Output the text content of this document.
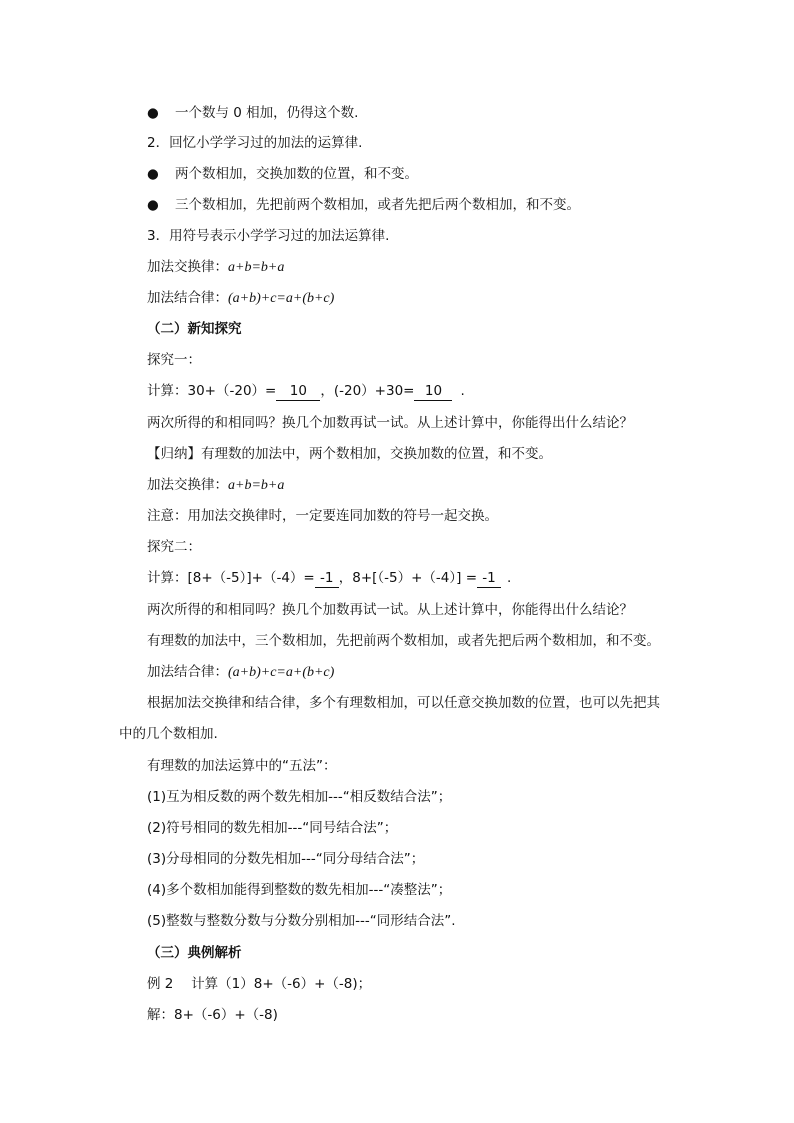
● 一个数与 0 相加，仍得这个数.
2．回忆小学学习过的加法的运算律.
● 两个数相加，交换加数的位置，和不变。
● 三个数相加，先把前两个数相加，或者先把后两个数相加，和不变。
3．用符号表示小学学习过的加法运算律.
加法交换律：a+b=b+a
加法结合律：(a+b)+c=a+(b+c)
（二）新知探究
探究一：
计算：30+（-20）= 10 ，(-20）+30= 10 .
两次所得的和相同吗？换几个加数再试一试。从上述计算中，你能得出什么结论？
【归纳】有理数的加法中，两个数相加，交换加数的位置，和不变。
加法交换律：a+b=b+a
注意：用加法交换律时，一定要连同加数的符号一起交换。
探究二：
计算：[8+（-5）]+（-4）= -1 ，8+[（-5）+（-4）] = -1 .
两次所得的和相同吗？换几个加数再试一试。从上述计算中，你能得出什么结论？
有理数的加法中，三个数相加，先把前两个数相加，或者先把后两个数相加，和不变。
加法结合律：(a+b)+c=a+(b+c)
根据加法交换律和结合律，多个有理数相加，可以任意交换加数的位置，也可以先把其
中的几个数相加.
有理数的加法运算中的“五法”：
(1)互为相反数的两个数先相加---“相反数结合法”；
(2)符号相同的数先相加---“同号结合法”；
(3)分母相同的分数先相加---“同分母结合法”；
(4)多个数相加能得到整数的数先相加---“凑整法”；
(5)整数与整数分数与分数分别相加---“同形结合法”.
（三）典例解析
例 2　 计算（1）8+（-6）+（-8)；
解：8+（-6）+（-8)
